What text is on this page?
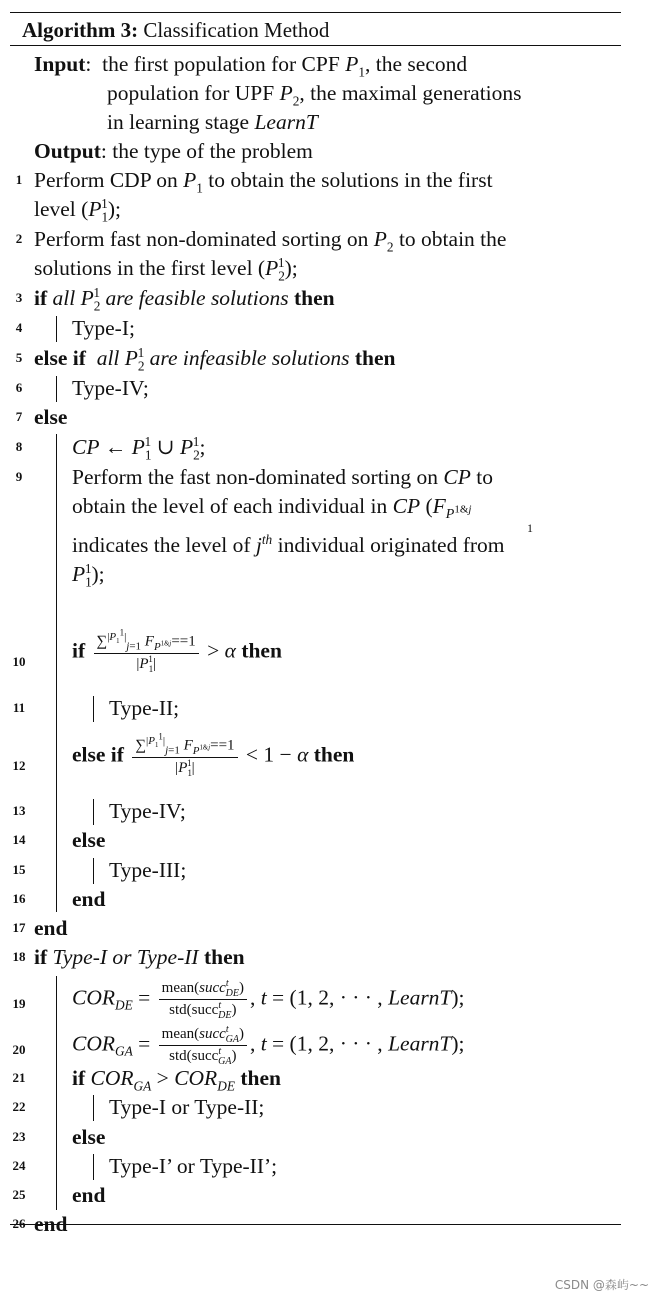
Algorithm 3: Classification Method
Input:  the first population for CPF $P_1$, the second
population for UPF $P_2$, the maximal generations
in learning stage LearnT
Output: the type of the problem
1 Perform CDP on $P_1$ to obtain the solutions in the first
level $(P_1^1)$;
2 Perform fast non-dominated sorting on $P_2$ to obtain the
solutions in the first level $(P_2^1)$;
3 if all $P_2^1$ are feasible solutions then
4 Type-I;
5 else if all $P_2^1$ are infeasible solutions then
6 Type-IV;
7 else
8 CP ← $P_1^1$ ∪ $P_2^1$;
9 Perform the fast non-dominated sorting on CP to
obtain the level of each individual in CP ($F_{P^{1\&j}}$
1
indicates the level of $j^{th}$ individual originated from
$P_1^1$);
10 if $\frac{\sum^{|P_1^1|}_{j=1} F_{P^{1\&j}}==1}{|P_1^1|} > \alpha$ then
11	Type-II;
12 else if $\frac{\sum^{|P_1^1|}_{j=1} F_{P^{1\&j}}==1}{|P_1^1|} < 1 - \alpha$ then
13	Type-IV;
14 else
15	Type-III;
16 end
17 end
18 if Type-I or Type-II then
19 $COR_{DE} = \frac{mean(succ^t_{DE})}{std(succ^t_{DE})}$ , t = (1, 2, · · · , LearnT);
20 $COR_{GA} = \frac{mean(succ^t_{GA})}{std(succ^t_{GA})}$ , t = (1, 2, · · · , LearnT);
21 if $COR_{GA} > COR_{DE}$ then
22	Type-I or Type-II;
23 else
24	Type-I’ or Type-II’;
25 end
26 end
CSDN @森屿~~
